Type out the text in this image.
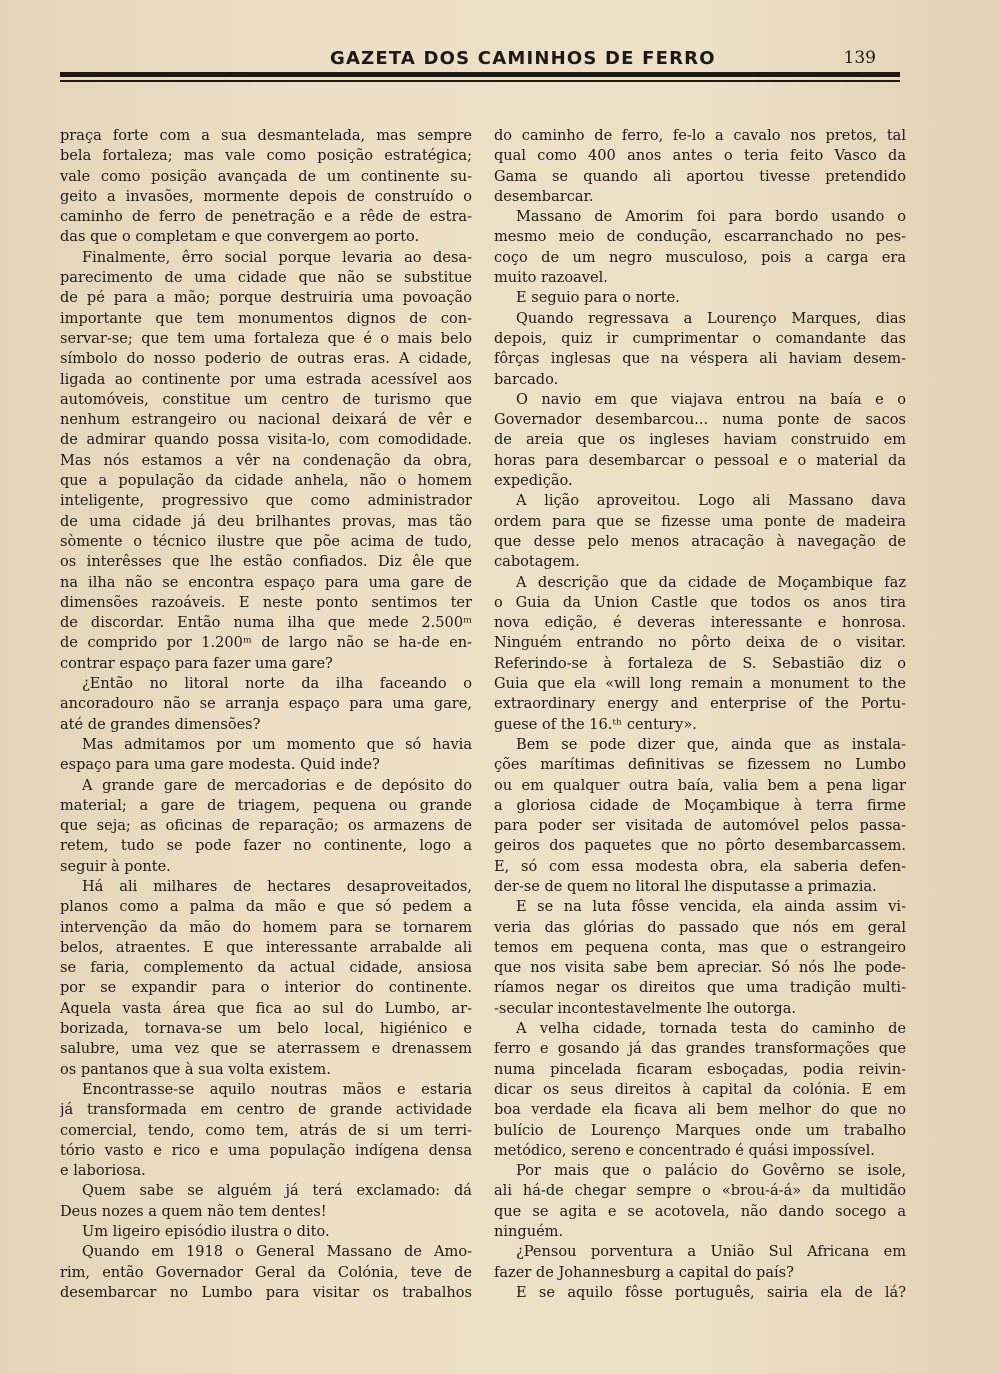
GAZETA DOS CAMINHOS DE FERRO	139
praça forte com a sua desmantelada, mas sempre
bela fortaleza; mas vale como posição estratégica;
vale como posição avançada de um continente su-
geito a invasões, mormente depois de construído o
caminho de ferro de penetração e a rêde de estra-
das que o completam e que convergem ao porto.
Finalmente, êrro social porque levaria ao desa-
parecimento de uma cidade que não se substitue
de pé para a mão; porque destruiria uma povoação
importante que tem monumentos dignos de con-
servar-se; que tem uma fortaleza que é o mais belo
símbolo do nosso poderio de outras eras. A cidade,
ligada ao continente por uma estrada acessível aos
automóveis, constitue um centro de turismo que
nenhum estrangeiro ou nacional deixará de vêr e
de admirar quando possa visita-lo, com comodidade.
Mas nós estamos a vêr na condenação da obra,
que a população da cidade anhela, não o homem
inteligente, progressivo que como administrador
de uma cidade já deu brilhantes provas, mas tão
sòmente o técnico ilustre que põe acima de tudo,
os interêsses que lhe estão confiados. Diz êle que
na ilha não se encontra espaço para uma gare de
dimensões razoáveis. E neste ponto sentimos ter
de discordar. Então numa ilha que mede 2.500ᵐ
de comprido por 1.200ᵐ de largo não se ha-de en-
contrar espaço para fazer uma gare?
¿Então no litoral norte da ilha faceando o
ancoradouro não se arranja espaço para uma gare,
até de grandes dimensões?
Mas admitamos por um momento que só havia
espaço para uma gare modesta. Quid inde?
A grande gare de mercadorias e de depósito do
material; a gare de triagem, pequena ou grande
que seja; as oficinas de reparação; os armazens de
retem, tudo se pode fazer no continente, logo a
seguir à ponte.
Há ali milhares de hectares desaproveitados,
planos como a palma da mão e que só pedem a
intervenção da mão do homem para se tornarem
belos, atraentes. E que interessante arrabalde ali
se faria, complemento da actual cidade, ansiosa
por se expandir para o interior do continente.
Aquela vasta área que fica ao sul do Lumbo, ar-
borizada, tornava-se um belo local, higiénico e
salubre, uma vez que se aterrassem e drenassem
os pantanos que à sua volta existem.
Encontrasse-se aquilo noutras mãos e estaria
já transformada em centro de grande actividade
comercial, tendo, como tem, atrás de si um terri-
tório vasto e rico e uma população indígena densa
e laboriosa.
Quem sabe se alguém já terá exclamado: dá
Deus nozes a quem não tem dentes!
Um ligeiro episódio ilustra o dito.
Quando em 1918 o General Massano de Amo-
rim, então Governador Geral da Colónia, teve de
desembarcar no Lumbo para visitar os trabalhos
do caminho de ferro, fe-lo a cavalo nos pretos, tal
qual como 400 anos antes o teria feito Vasco da
Gama se quando ali aportou tivesse pretendido
desembarcar.
Massano de Amorim foi para bordo usando o
mesmo meio de condução, escarranchado no pes-
coço de um negro musculoso, pois a carga era
muito razoavel.
E seguio para o norte.
Quando regressava a Lourenço Marques, dias
depois, quiz ir cumprimentar o comandante das
fôrças inglesas que na véspera ali haviam desem-
barcado.
O navio em que viajava entrou na baía e o
Governador desembarcou... numa ponte de sacos
de areia que os ingleses haviam construido em
horas para desembarcar o pessoal e o material da
expedição.
A lição aproveitou. Logo ali Massano dava
ordem para que se fizesse uma ponte de madeira
que desse pelo menos atracação à navegação de
cabotagem.
A descrição que da cidade de Moçambique faz
o Guia da Union Castle que todos os anos tira
nova edição, é deveras interessante e honrosa.
Ninguém entrando no pôrto deixa de o visitar.
Referindo-se à fortaleza de S. Sebastião diz o
Guia que ela «will long remain a monument to the
extraordinary energy and enterprise of the Portu-
guese of the 16.ᵗʰ century».
Bem se pode dizer que, ainda que as instala-
ções marítimas definitivas se fizessem no Lumbo
ou em qualquer outra baía, valia bem a pena ligar
a gloriosa cidade de Moçambique à terra firme
para poder ser visitada de automóvel pelos passa-
geiros dos paquetes que no pôrto desembarcassem.
E, só com essa modesta obra, ela saberia defen-
der-se de quem no litoral lhe disputasse a primazia.
E se na luta fôsse vencida, ela ainda assim vi-
veria das glórias do passado que nós em geral
temos em pequena conta, mas que o estrangeiro
que nos visita sabe bem apreciar. Só nós lhe pode-
ríamos negar os direitos que uma tradição multi-
-secular incontestavelmente lhe outorga.
A velha cidade, tornada testa do caminho de
ferro e gosando já das grandes transformações que
numa pincelada ficaram esboçadas, podia reivin-
dicar os seus direitos à capital da colónia. E em
boa verdade ela ficava ali bem melhor do que no
bulício de Lourenço Marques onde um trabalho
metódico, sereno e concentrado é quási impossível.
Por mais que o palácio do Govêrno se isole,
ali há-de chegar sempre o «brou-á-á» da multidão
que se agita e se acotovela, não dando socego a
ninguém.
¿Pensou porventura a União Sul Africana em
fazer de Johannesburg a capital do país?
E se aquilo fôsse português, sairia ela de lá?
